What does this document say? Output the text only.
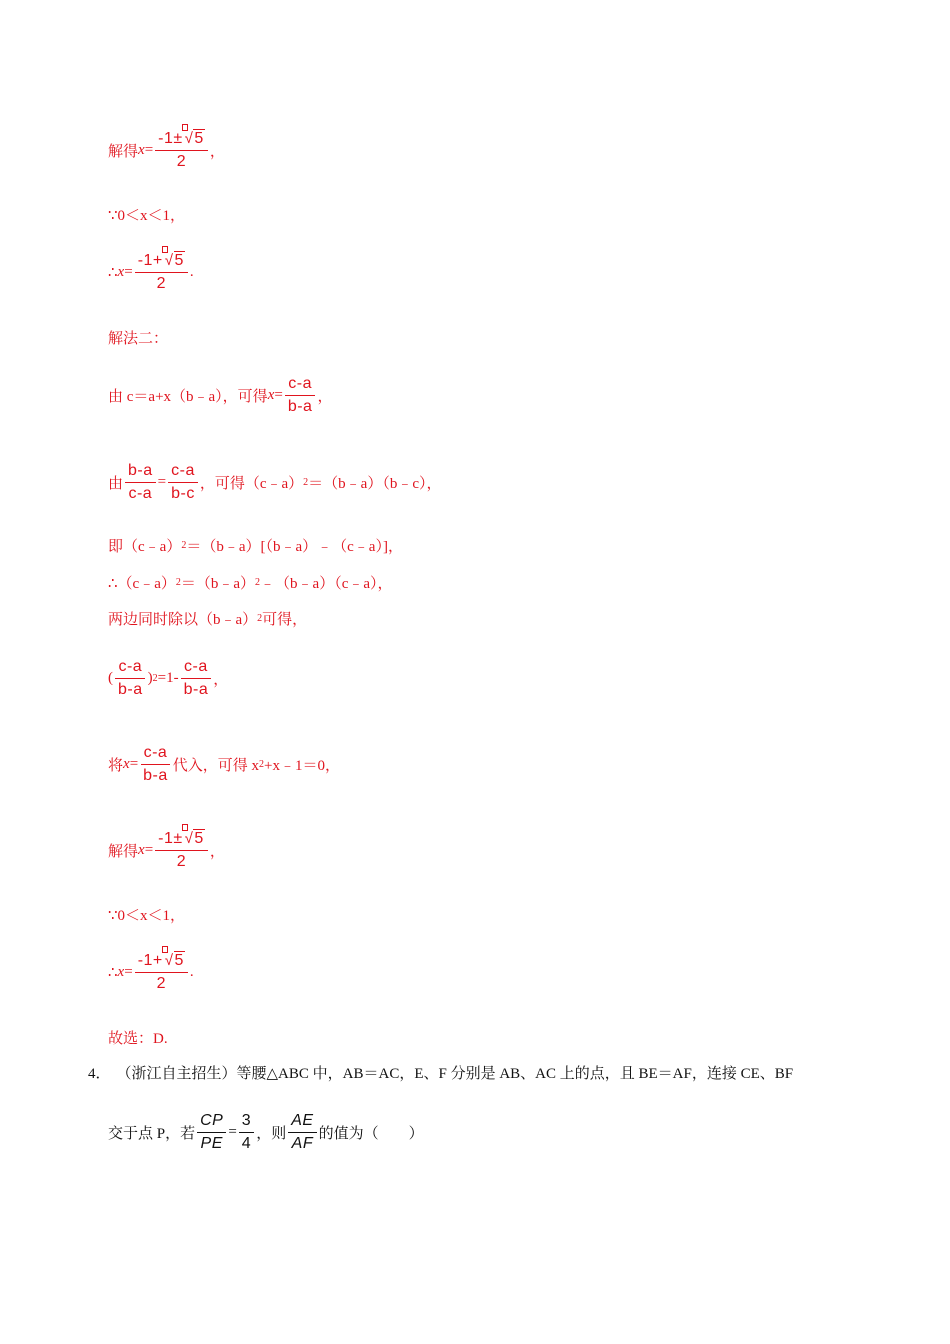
解得 $x = \frac{-1\pm √5}{2}$ ，
∵0＜x＜1，
∴ $x = \frac{-1+ √5}{2}$ .
解法二：
由 c＝a+x（b﹣a），可得 $x = \frac{c-a}{b-a}$ ，
由 $\frac{b-a}{c-a} = \frac{c-a}{b-c}$ ，可得（c﹣a） 2 ＝（b﹣a）（b﹣c），
即（c﹣a） 2 ＝（b﹣a）[（b﹣a）﹣（c﹣a）]，
∴（c﹣a） 2 ＝（b﹣a） 2 ﹣（b﹣a）（c﹣a），
两边同时除以（b﹣a） 2 可得，
( $\frac{c-a}{b-a}$ ) $2 =1- \frac{c-a}{b-a}$ ，
将 $x = \frac{c-a}{b-a}$ 代入，可得 x 2 +x﹣1＝0，
解得 $x = \frac{-1\pm √5}{2}$ ，
∵0＜x＜1，
∴ $x = \frac{-1+ √5}{2}$ .
故选：D.
4． （浙江自主招生）等腰△ABC 中，AB＝AC，E、F 分别是 AB、AC 上的点，且 BE＝AF，连接 CE、BF
交于点 P，若 $\frac{CP}{PE} = \frac{3}{4}$ ，则 $\frac{AE}{AF}$ 的值为（　　）
